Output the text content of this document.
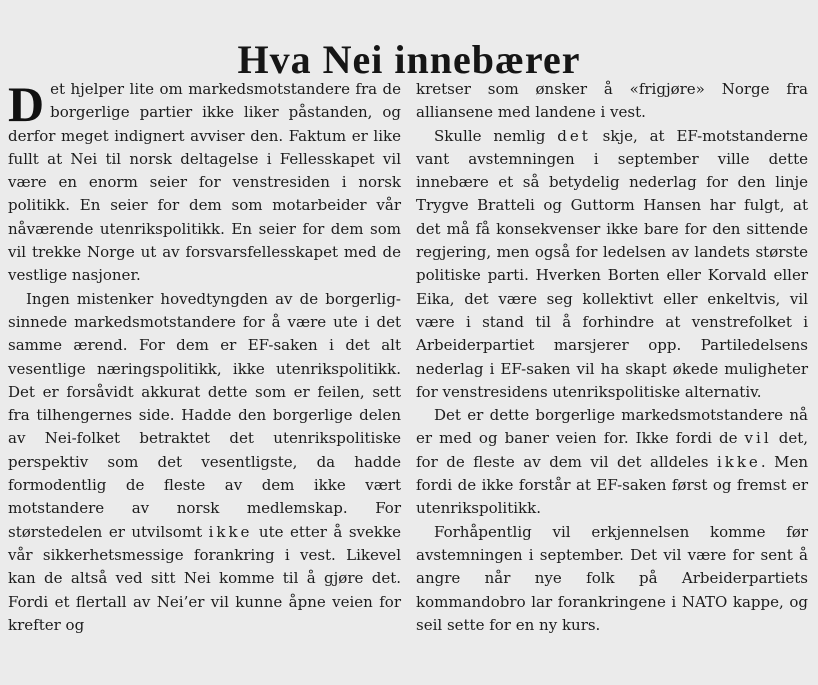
Hva Nei innebærer

Det hjelper lite om markedsmotstandere fra de borgerlige partier ikke liker påstanden, og derfor meget indignert avviser den. Faktum er like fullt at Nei til norsk deltagelse i Fellesskapet vil være en enorm seier for venstresiden i norsk politikk. En seier for dem som motarbeider vår nåværende utenrikspolitikk. En seier for dem som vil trekke Norge ut av forsvarsfellesskapet med de vestlige nasjoner.

Ingen mistenker hovedtyngden av de borgerlig-sinnede markedsmotstandere for å være ute i det samme ærend. For dem er EF-saken i det alt vesentlige næringspolitikk, ikke utenrikspolitikk. Det er forsåvidt akkurat dette som er feilen, sett fra tilhengernes side. Hadde den borgerlige delen av Nei-folket betraktet det utenrikspolitiske perspektiv som det vesentligste, da hadde formodentlig de fleste av dem ikke vært motstandere av norsk medlemskap. For størstedelen er utvilsomt ikke ute etter å svekke vår sikkerhetsmessige forankring i vest. Likevel kan de altså ved sitt Nei komme til å gjøre det. Fordi et flertall av Nei’er vil kunne åpne veien for krefter og

kretser som ønsker å «frigjøre» Norge fra alliansene med landene i vest.

Skulle nemlig det skje, at EF-motstanderne vant avstemningen i september ville dette innebære et så betydelig nederlag for den linje Trygve Bratteli og Guttorm Hansen har fulgt, at det må få konsekvenser ikke bare for den sittende regjering, men også for ledelsen av landets største politiske parti. Hverken Borten eller Korvald eller Eika, det være seg kollektivt eller enkeltvis, vil være i stand til å forhindre at venstrefolket i Arbeiderpartiet marsjerer opp. Partiledelsens nederlag i EF-saken vil ha skapt økede muligheter for venstresidens utenrikspolitiske alternativ.

Det er dette borgerlige markedsmotstandere nå er med og baner veien for. Ikke fordi de vil det, for de fleste av dem vil det alldeles ikke. Men fordi de ikke forstår at EF-saken først og fremst er utenrikspolitikk.

Forhåpentlig vil erkjennelsen komme før avstemningen i september. Det vil være for sent å angre når nye folk på Arbeiderpartiets kommandobro lar forankringene i NATO kappe, og seil sette for en ny kurs.
